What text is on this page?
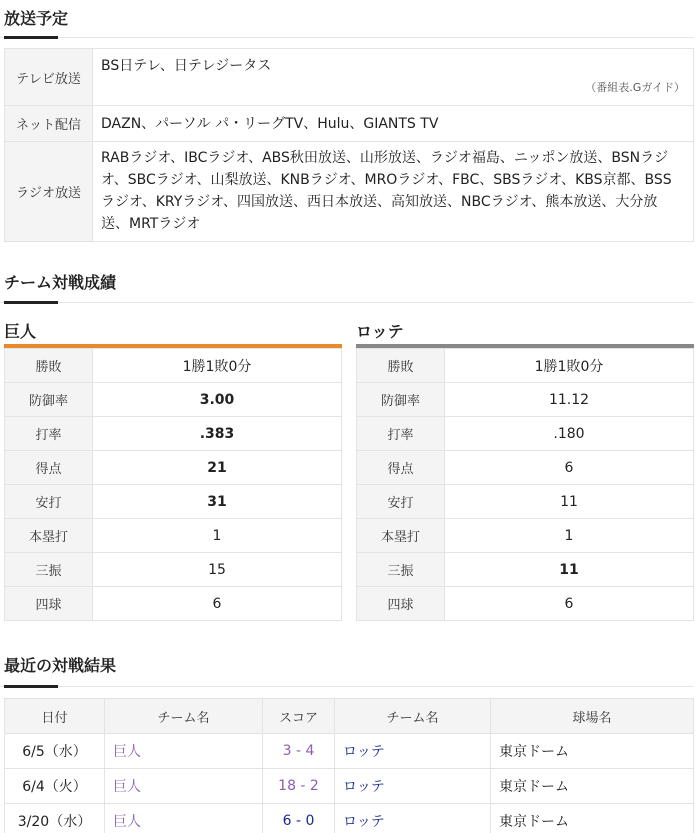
放送予定
テレビ放送	BS日テレ、日テレジータス
（番組表.Gガイド）

ネット配信	DAZN、パーソル パ・リーグTV、Hulu、GIANTS TV
ラジオ放送	RABラジオ、IBCラジオ、ABS秋田放送、山形放送、ラジオ福島、ニッポン放送、BSNラジオ、SBCラジオ、山梨放送、KNBラジオ、MROラジオ、FBC、SBSラジオ、KBS京都、BSSラジオ、KRYラジオ、四国放送、西日本放送、高知放送、NBCラジオ、熊本放送、大分放送、MRTラジオ
チーム対戦成績
巨人
勝敗	1勝1敗0分
防御率	3.00
打率	.383
得点	21
安打	31
本塁打	1
三振	15
四球	6
ロッテ
勝敗	1勝1敗0分
防御率	11.12
打率	.180
得点	6
安打	11
本塁打	1
三振	11
四球	6
最近の対戦結果
日付	チーム名	スコア	チーム名	球場名
6/5（水）	巨人	3 - 4	ロッテ	東京ドーム
6/4（火）	巨人	18 - 2	ロッテ	東京ドーム
3/20（水）	巨人	6 - 0	ロッテ	東京ドーム
